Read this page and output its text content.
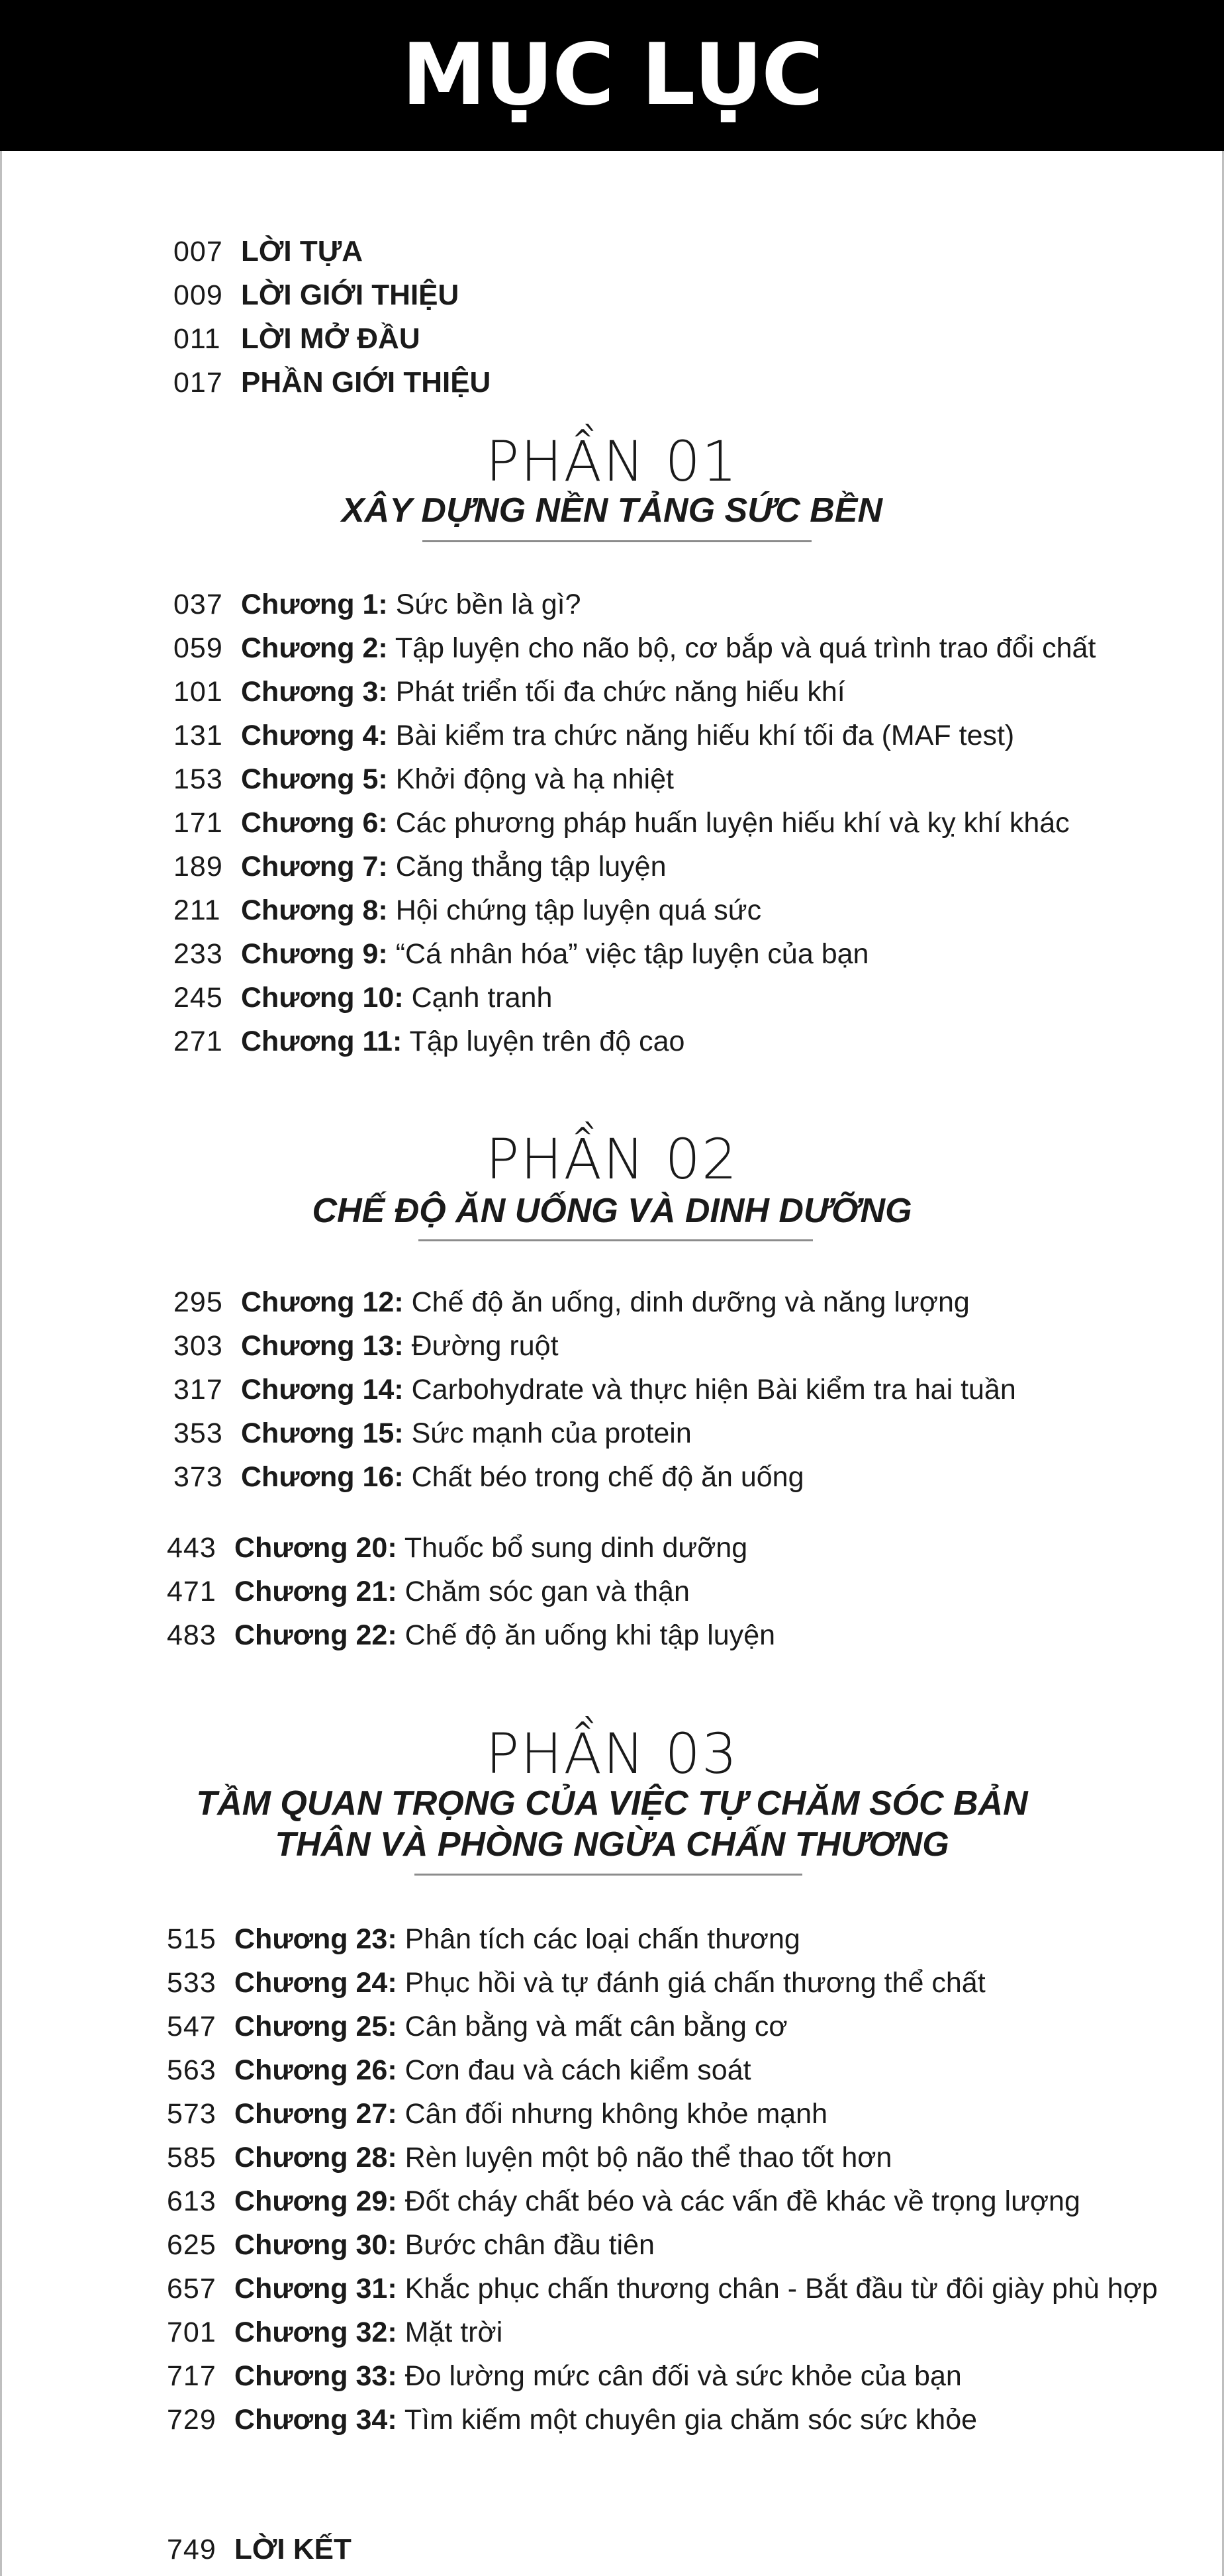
MỤC LỤC
007 LỜI TỰA
009 LỜI GIỚI THIỆU
011 LỜI MỞ ĐẦU
017 PHẦN GIỚI THIỆU
PHẦN 01
XÂY DỰNG NỀN TẢNG SỨC BỀN
037 Chương 1: Sức bền là gì?
059 Chương 2: Tập luyện cho não bộ, cơ bắp và quá trình trao đổi chất
101 Chương 3: Phát triển tối đa chức năng hiếu khí
131 Chương 4: Bài kiểm tra chức năng hiếu khí tối đa (MAF test)
153 Chương 5: Khởi động và hạ nhiệt
171 Chương 6: Các phương pháp huấn luyện hiếu khí và kỵ khí khác
189 Chương 7: Căng thẳng tập luyện
211 Chương 8: Hội chứng tập luyện quá sức
233 Chương 9: “Cá nhân hóa” việc tập luyện của bạn
245 Chương 10: Cạnh tranh
271 Chương 11: Tập luyện trên độ cao
PHẦN 02
CHẾ ĐỘ ĂN UỐNG VÀ DINH DƯỠNG
295 Chương 12: Chế độ ăn uống, dinh dưỡng và năng lượng
303 Chương 13: Đường ruột
317 Chương 14: Carbohydrate và thực hiện Bài kiểm tra hai tuần
353 Chương 15: Sức mạnh của protein
373 Chương 16: Chất béo trong chế độ ăn uống
443 Chương 20: Thuốc bổ sung dinh dưỡng
471 Chương 21: Chăm sóc gan và thận
483 Chương 22: Chế độ ăn uống khi tập luyện
PHẦN 03
TẦM QUAN TRỌNG CỦA VIỆC TỰ CHĂM SÓC BẢN
THÂN VÀ PHÒNG NGỪA CHẤN THƯƠNG
515 Chương 23: Phân tích các loại chấn thương
533 Chương 24: Phục hồi và tự đánh giá chấn thương thể chất
547 Chương 25: Cân bằng và mất cân bằng cơ
563 Chương 26: Cơn đau và cách kiểm soát
573 Chương 27: Cân đối nhưng không khỏe mạnh
585 Chương 28: Rèn luyện một bộ não thể thao tốt hơn
613 Chương 29: Đốt cháy chất béo và các vấn đề khác về trọng lượng
625 Chương 30: Bước chân đầu tiên
657 Chương 31: Khắc phục chấn thương chân - Bắt đầu từ đôi giày phù hợp
701 Chương 32: Mặt trời
717 Chương 33: Đo lường mức cân đối và sức khỏe của bạn
729 Chương 34: Tìm kiếm một chuyên gia chăm sóc sức khỏe
749 LỜI KẾT
